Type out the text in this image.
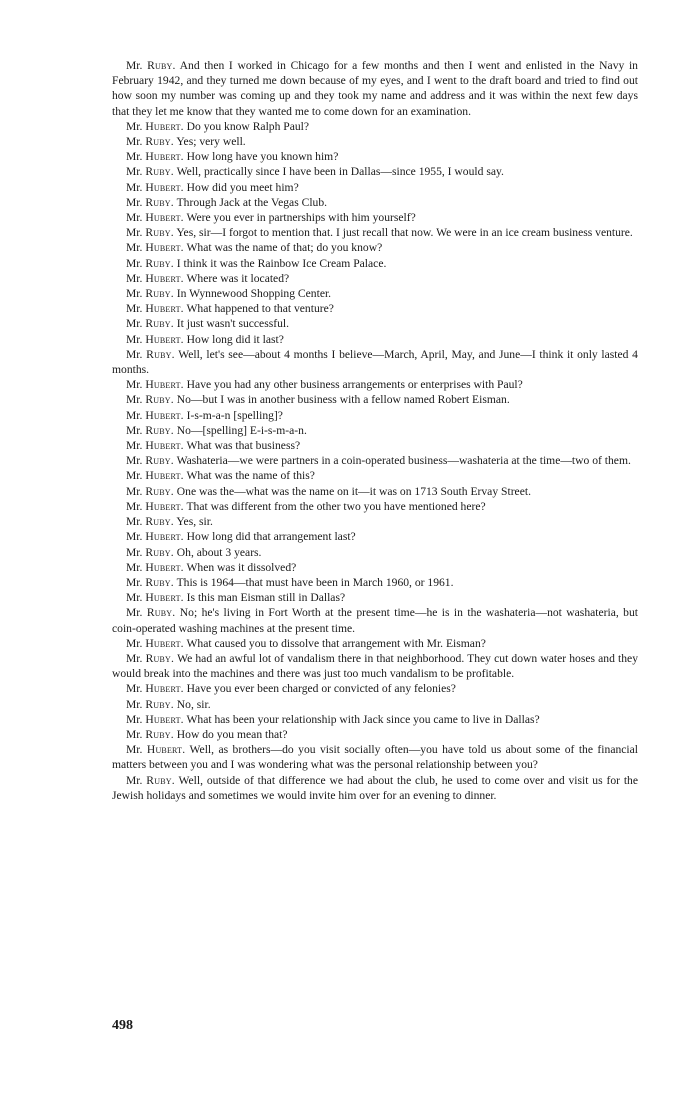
Mr. Ruby. And then I worked in Chicago for a few months and then I went and enlisted in the Navy in February 1942, and they turned me down because of my eyes, and I went to the draft board and tried to find out how soon my number was coming up and they took my name and address and it was within the next few days that they let me know that they wanted me to come down for an examination.

Mr. Hubert. Do you know Ralph Paul?

Mr. Ruby. Yes; very well.

Mr. Hubert. How long have you known him?

Mr. Ruby. Well, practically since I have been in Dallas—since 1955, I would say.

Mr. Hubert. How did you meet him?

Mr. Ruby. Through Jack at the Vegas Club.

Mr. Hubert. Were you ever in partnerships with him yourself?

Mr. Ruby. Yes, sir—I forgot to mention that. I just recall that now. We were in an ice cream business venture.

Mr. Hubert. What was the name of that; do you know?

Mr. Ruby. I think it was the Rainbow Ice Cream Palace.

Mr. Hubert. Where was it located?

Mr. Ruby. In Wynnewood Shopping Center.

Mr. Hubert. What happened to that venture?

Mr. Ruby. It just wasn't successful.

Mr. Hubert. How long did it last?

Mr. Ruby. Well, let's see—about 4 months I believe—March, April, May, and June—I think it only lasted 4 months.

Mr. Hubert. Have you had any other business arrangements or enterprises with Paul?

Mr. Ruby. No—but I was in another business with a fellow named Robert Eisman.

Mr. Hubert. I-s-m-a-n [spelling]?

Mr. Ruby. No—[spelling] E-i-s-m-a-n.

Mr. Hubert. What was that business?

Mr. Ruby. Washateria—we were partners in a coin-operated business—washateria at the time—two of them.

Mr. Hubert. What was the name of this?

Mr. Ruby. One was the—what was the name on it—it was on 1713 South Ervay Street.

Mr. Hubert. That was different from the other two you have mentioned here?

Mr. Ruby. Yes, sir.

Mr. Hubert. How long did that arrangement last?

Mr. Ruby. Oh, about 3 years.

Mr. Hubert. When was it dissolved?

Mr. Ruby. This is 1964—that must have been in March 1960, or 1961.

Mr. Hubert. Is this man Eisman still in Dallas?

Mr. Ruby. No; he's living in Fort Worth at the present time—he is in the washateria—not washateria, but coin-operated washing machines at the present time.

Mr. Hubert. What caused you to dissolve that arrangement with Mr. Eisman?

Mr. Ruby. We had an awful lot of vandalism there in that neighborhood. They cut down water hoses and they would break into the machines and there was just too much vandalism to be profitable.

Mr. Hubert. Have you ever been charged or convicted of any felonies?

Mr. Ruby. No, sir.

Mr. Hubert. What has been your relationship with Jack since you came to live in Dallas?

Mr. Ruby. How do you mean that?

Mr. Hubert. Well, as brothers—do you visit socially often—you have told us about some of the financial matters between you and I was wondering what was the personal relationship between you?

Mr. Ruby. Well, outside of that difference we had about the club, he used to come over and visit us for the Jewish holidays and sometimes we would invite him over for an evening to dinner.

498
